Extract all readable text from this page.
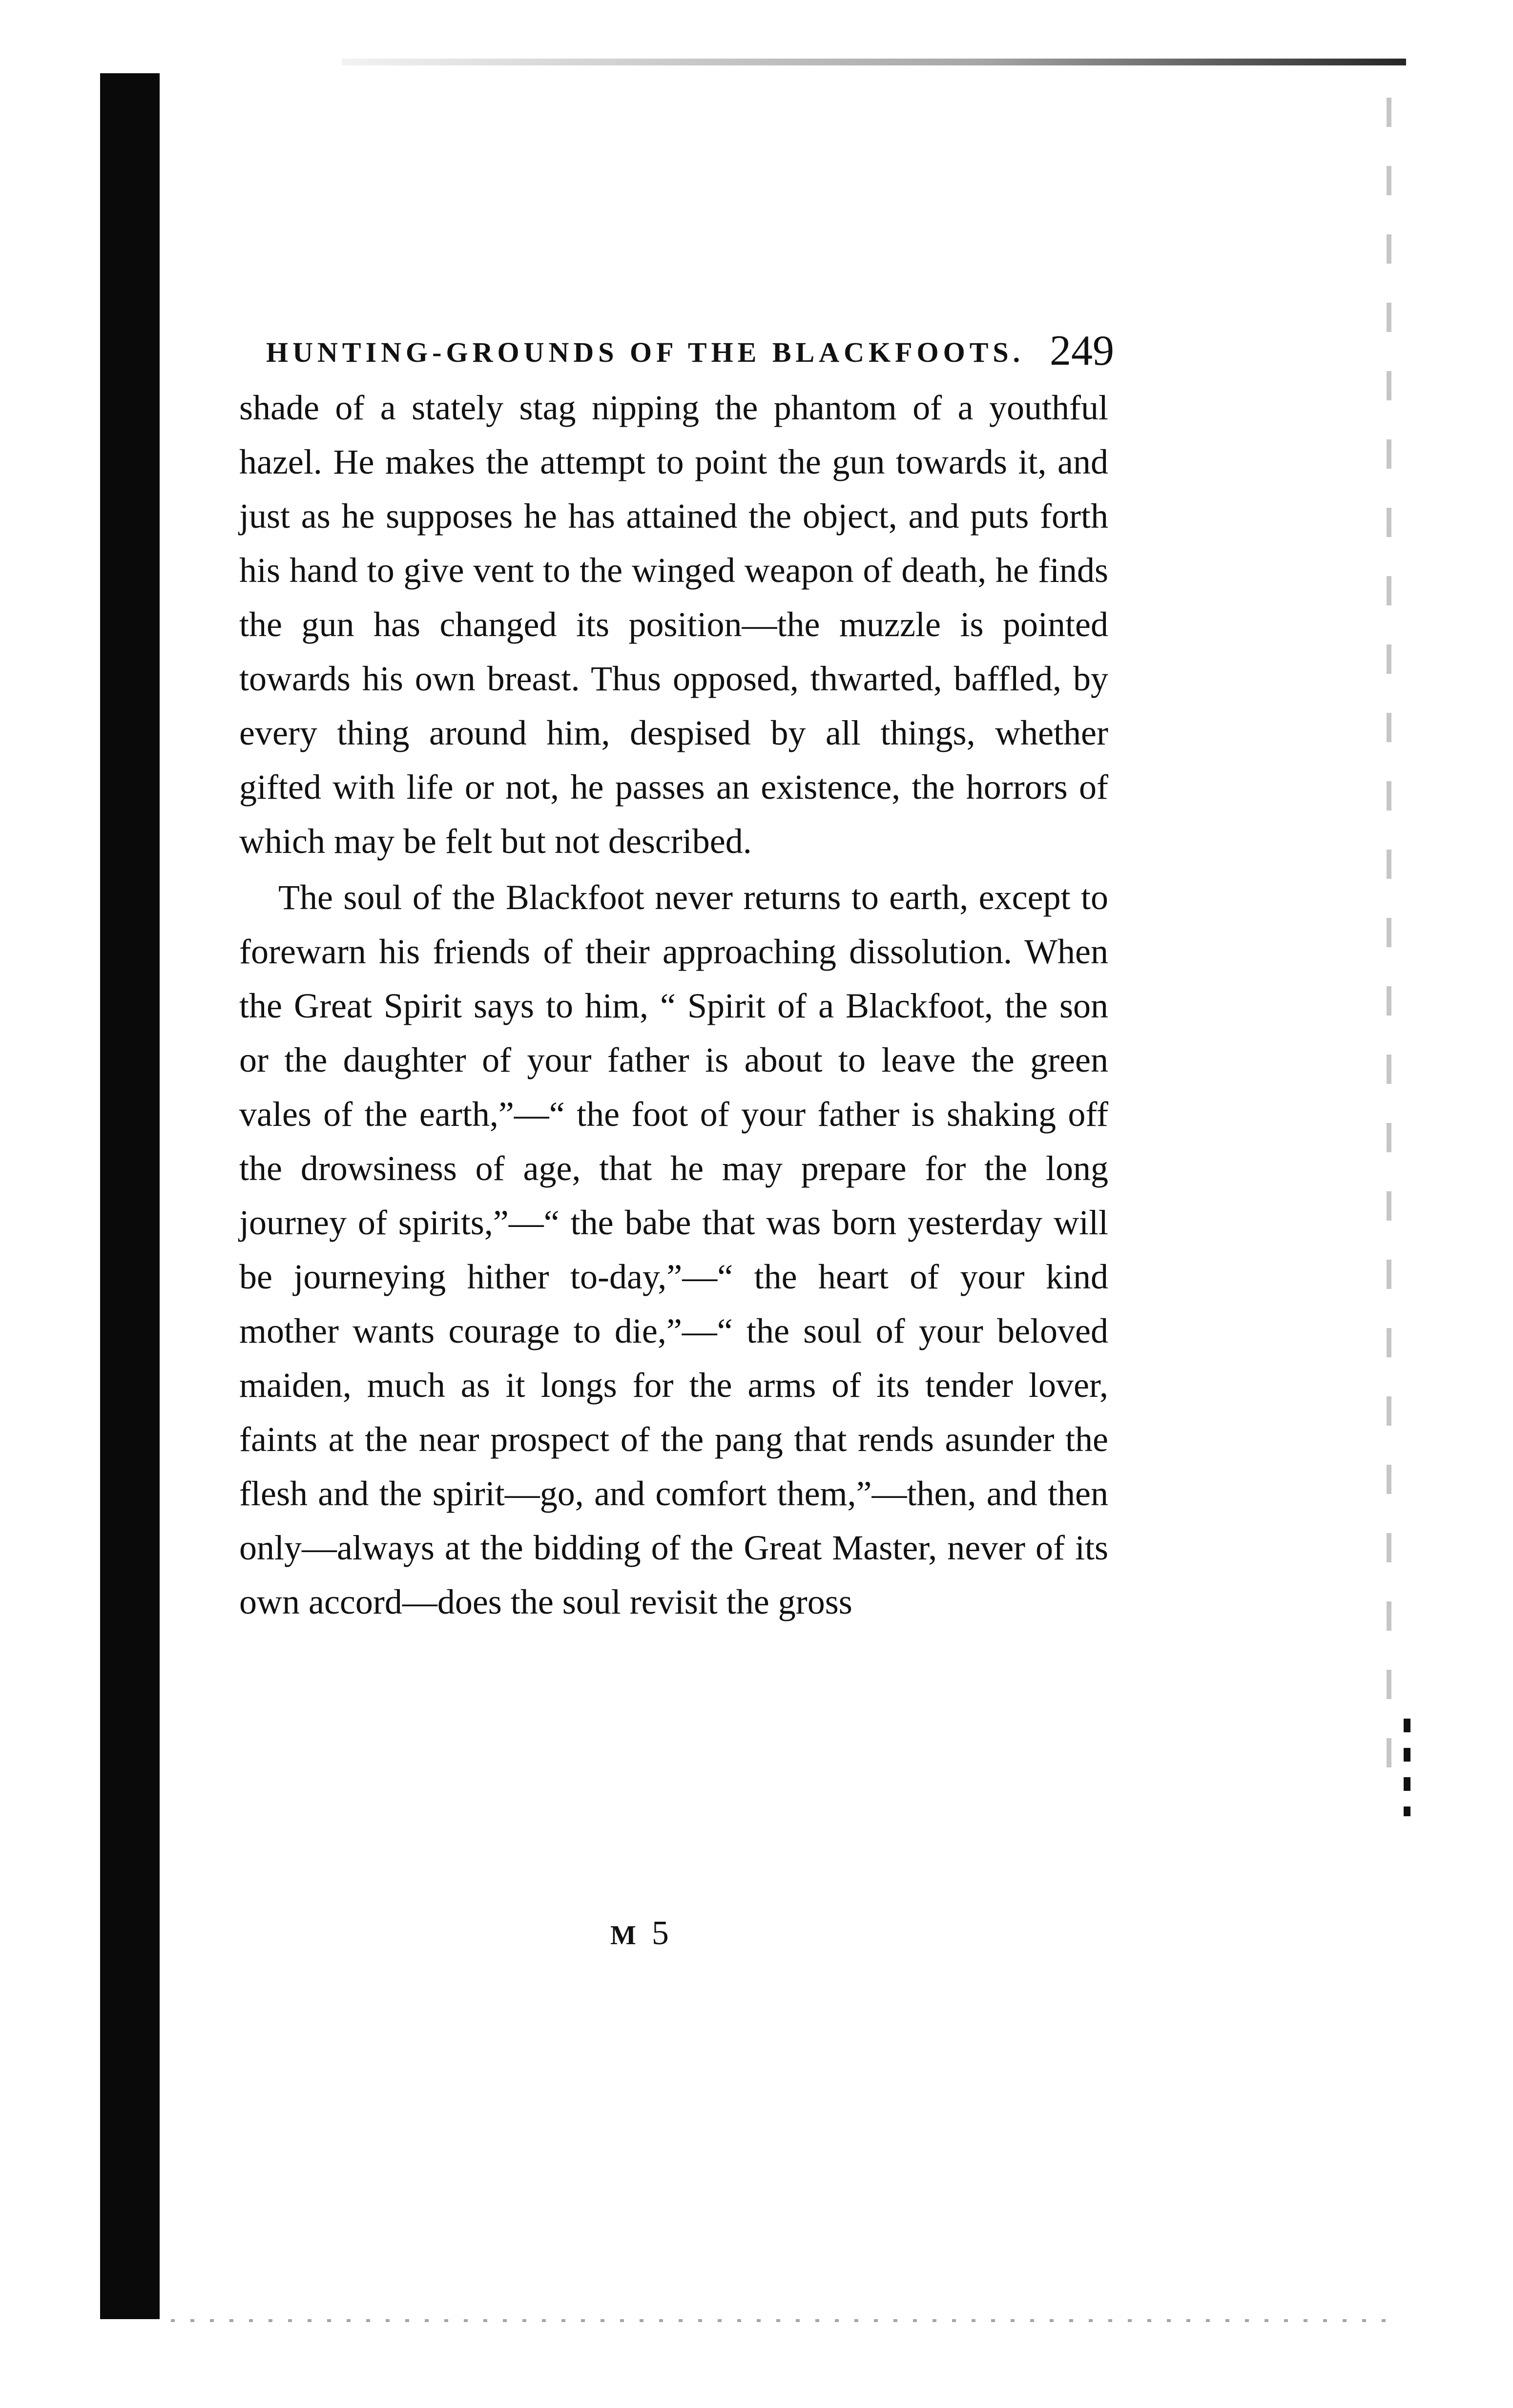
HUNTING-GROUNDS OF THE BLACKFOOTS. 249

shade of a stately stag nipping the phantom of a youthful hazel. He makes the attempt to point the gun towards it, and just as he supposes he has attained the object, and puts forth his hand to give vent to the winged weapon of death, he finds the gun has changed its position—the muzzle is pointed towards his own breast. Thus opposed, thwarted, baffled, by every thing around him, despised by all things, whether gifted with life or not, he passes an existence, the horrors of which may be felt but not described.

The soul of the Blackfoot never returns to earth, except to forewarn his friends of their approaching dissolution. When the Great Spirit says to him, “ Spirit of a Blackfoot, the son or the daughter of your father is about to leave the green vales of the earth,”—“ the foot of your father is shaking off the drowsiness of age, that he may prepare for the long journey of spirits,”—“ the babe that was born yesterday will be journeying hither to-day,”—“ the heart of your kind mother wants courage to die,”—“ the soul of your beloved maiden, much as it longs for the arms of its tender lover, faints at the near prospect of the pang that rends asunder the flesh and the spirit—go, and comfort them,”—then, and then only—always at the bidding of the Great Master, never of its own accord—does the soul revisit the gross

M5
